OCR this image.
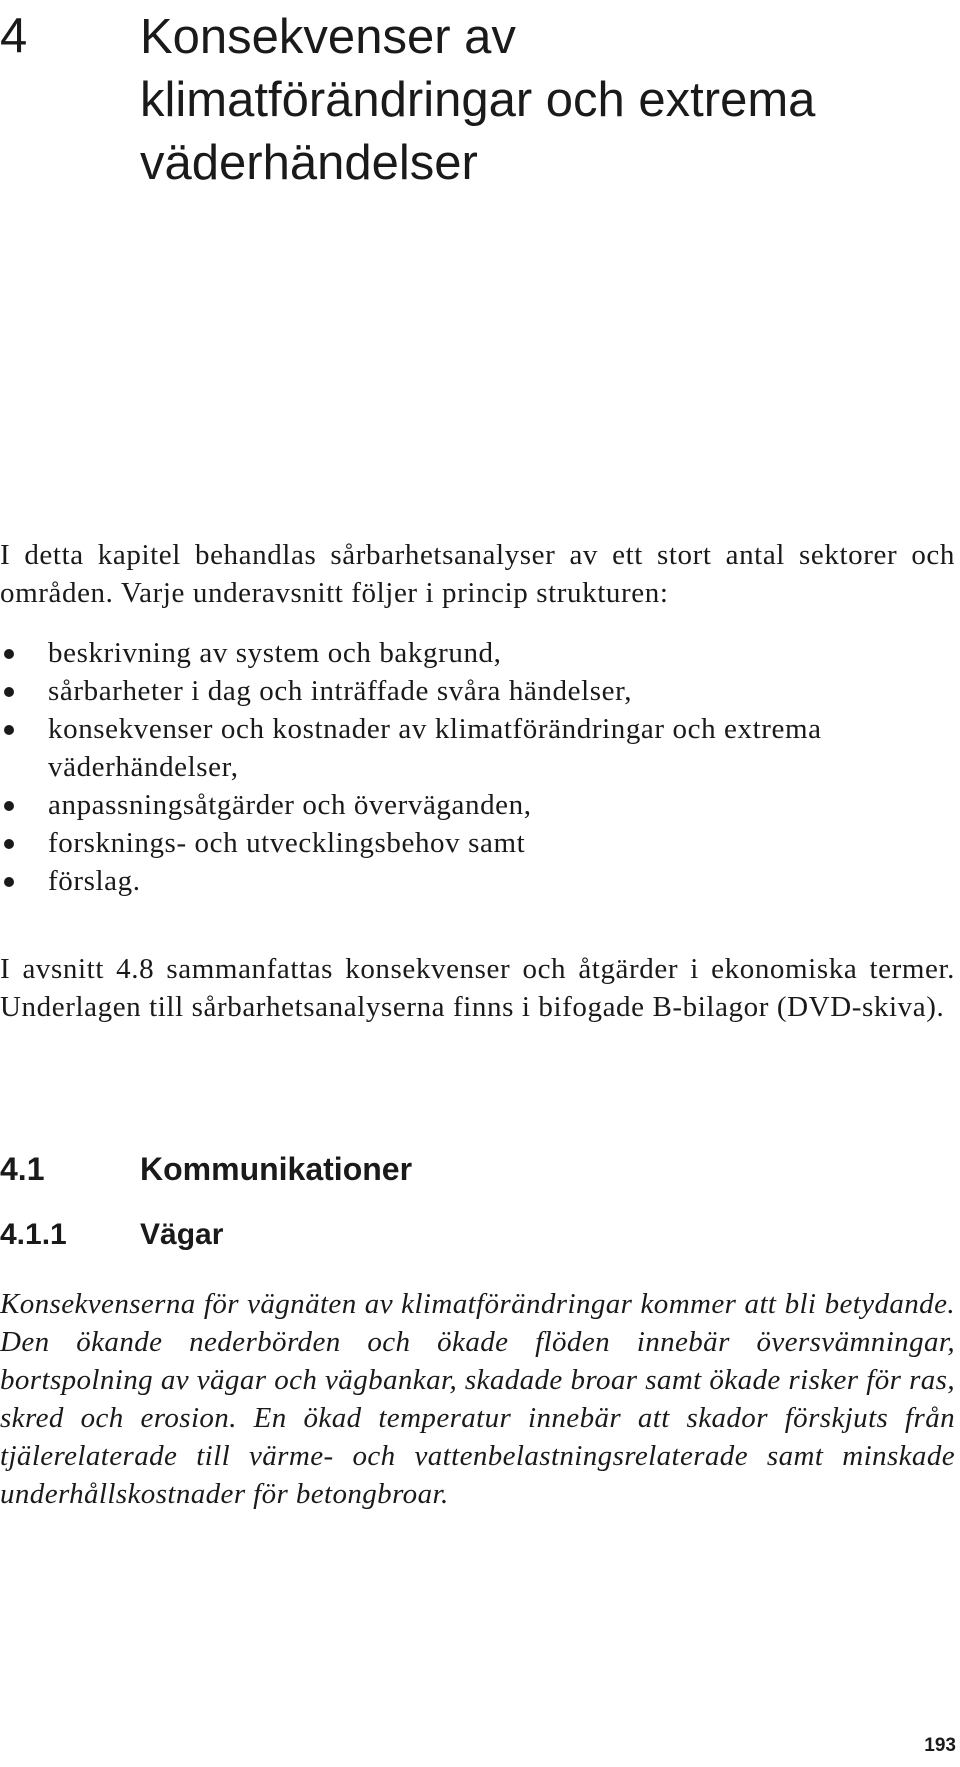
4 Konsekvenser av
klimatförändringar och extrema
väderhändelser

I detta kapitel behandlas sårbarhetsanalyser av ett stort antal sektorer och områden. Varje underavsnitt följer i princip strukturen:

beskrivning av system och bakgrund,
sårbarheter i dag och inträffade svåra händelser,
konsekvenser och kostnader av klimatförändringar och extrema väderhändelser,
anpassningsåtgärder och överväganden,
forsknings- och utvecklingsbehov samt
förslag.

I avsnitt 4.8 sammanfattas konsekvenser och åtgärder i ekonomiska termer. Underlagen till sårbarhetsanalyserna finns i bifogade B-bilagor (DVD-skiva).

4.1	Kommunikationer
4.1.1 Vägar

Konsekvenserna för vägnäten av klimatförändringar kommer att bli betydande. Den ökande nederbörden och ökade flöden innebär översvämningar, bortspolning av vägar och vägbankar, skadade broar samt ökade risker för ras, skred och erosion. En ökad temperatur innebär att skador förskjuts från tjälerelaterade till värme- och vattenbelastningsrelaterade samt minskade underhållskostnader för betongbroar.

193
